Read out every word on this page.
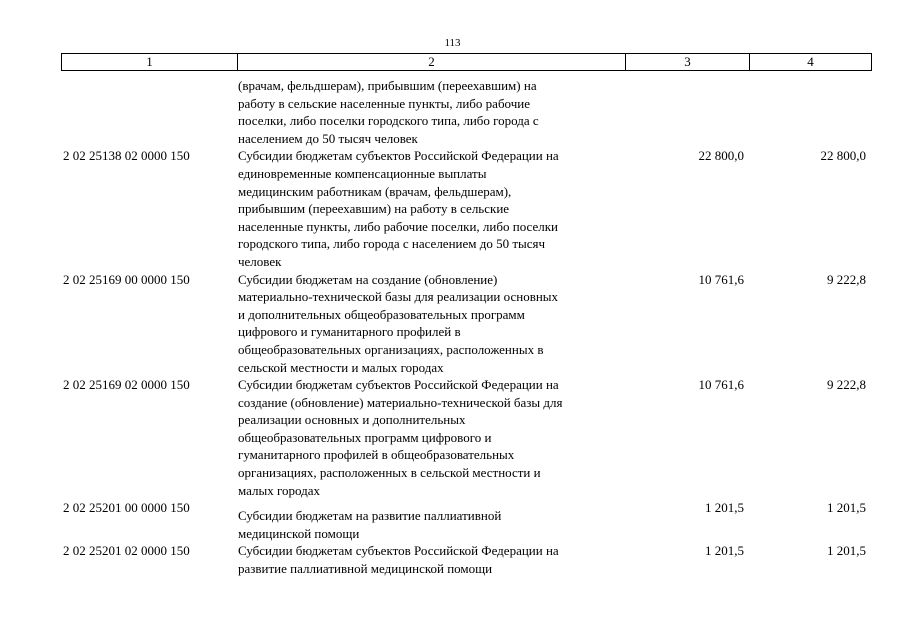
113
1	2	3	4
(врачам, фельдшерам), прибывшим (переехавшим) на
работу в сельские населенные пункты, либо рабочие
поселки, либо поселки городского типа, либо города с
населением до 50 тысяч человек
2 02 25138 02 0000 150	Субсидии бюджетам субъектов Российской Федерации на
единовременные компенсационные выплаты
медицинским работникам (врачам, фельдшерам),
прибывшим (переехавшим) на работу в сельские
населенные пункты, либо рабочие поселки, либо поселки
городского типа, либо города с населением до 50 тысяч
человек
22 800,0	22 800,0
2 02 25169 00 0000 150	Субсидии бюджетам на создание (обновление)
материально-технической базы для реализации основных
и дополнительных общеобразовательных программ
цифрового и гуманитарного профилей в
общеобразовательных организациях, расположенных в
сельской местности и малых городах
10 761,6	9 222,8
2 02 25169 02 0000 150	Субсидии бюджетам субъектов Российской Федерации на
создание (обновление) материально-технической базы для
реализации основных и дополнительных
общеобразовательных программ цифрового и
гуманитарного профилей в общеобразовательных
организациях, расположенных в сельской местности и
малых городах
10 761,6	9 222,8
2 02 25201 00 0000 150
Субсидии бюджетам на развитие паллиативной
медицинской помощи
1 201,5	1 201,5
2 02 25201 02 0000 150	Субсидии бюджетам субъектов Российской Федерации на
развитие паллиативной медицинской помощи
1 201,5	1 201,5
